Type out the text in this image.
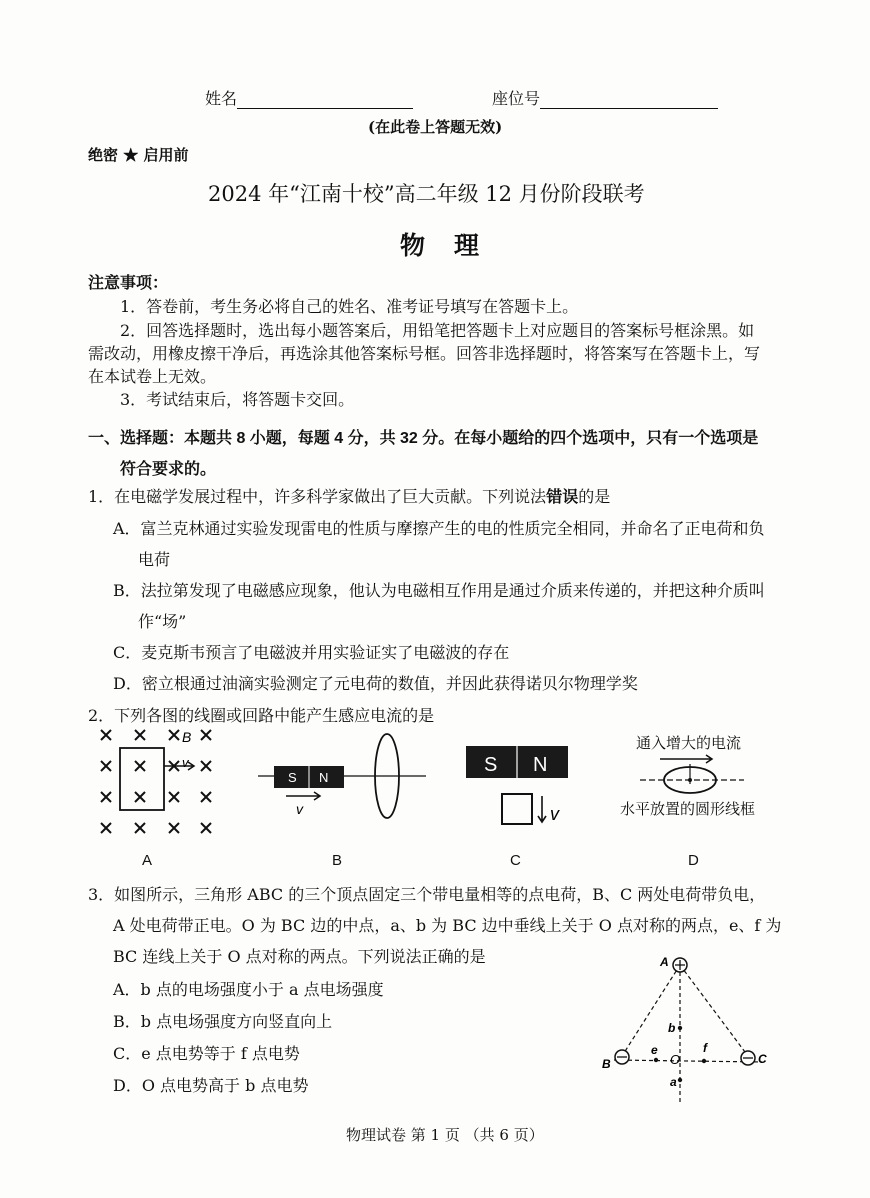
姓名	座位号
(在此卷上答题无效)
绝密 ★ 启用前
2024 年“江南十校”高二年级 12 月份阶段联考
物　理
注意事项：
1．答卷前，考生务必将自己的姓名、准考证号填写在答题卡上。
2．回答选择题时，选出每小题答案后，用铅笔把答题卡上对应题目的答案标号框涂黑。如
需改动，用橡皮擦干净后，再选涂其他答案标号框。回答非选择题时，将答案写在答题卡上，写
在本试卷上无效。
3．考试结束后，将答题卡交回。
一、选择题：本题共 8 小题，每题 4 分，共 32 分。在每小题给的四个选项中，只有一个选项是
符合要求的。
1．在电磁学发展过程中，许多科学家做出了巨大贡献。下列说法错误的是
A．富兰克林通过实验发现雷电的性质与摩擦产生的电的性质完全相同，并命名了正电荷和负
电荷
B．法拉第发现了电磁感应现象，他认为电磁相互作用是通过介质来传递的，并把这种介质叫
作“场”
C．麦克斯韦预言了电磁波并用实验证实了电磁波的存在
D．密立根通过油滴实验测定了元电荷的数值，并因此获得诺贝尔物理学奖
2．下列各图的线圈或回路中能产生感应电流的是
B
v
A
S N
v
B
S N
v
C
通入增大的电流
水平放置的圆形线框
D
3．如图所示，三角形 ABC 的三个顶点固定三个带电量相等的点电荷，B、C 两处电荷带负电，
A 处电荷带正电。O 为 BC 边的中点，a、b 为 BC 边中垂线上关于 O 点对称的两点，e、f 为
BC 连线上关于 O 点对称的两点。下列说法正确的是
A．b 点的电场强度小于 a 点电场强度
B．b 点电场强度方向竖直向上
C．e 点电势等于 f 点电势
D．O 点电势高于 b 点电势
A
B	C
O
b
a
e	f
物理试卷 第 1 页 （共 6 页）
